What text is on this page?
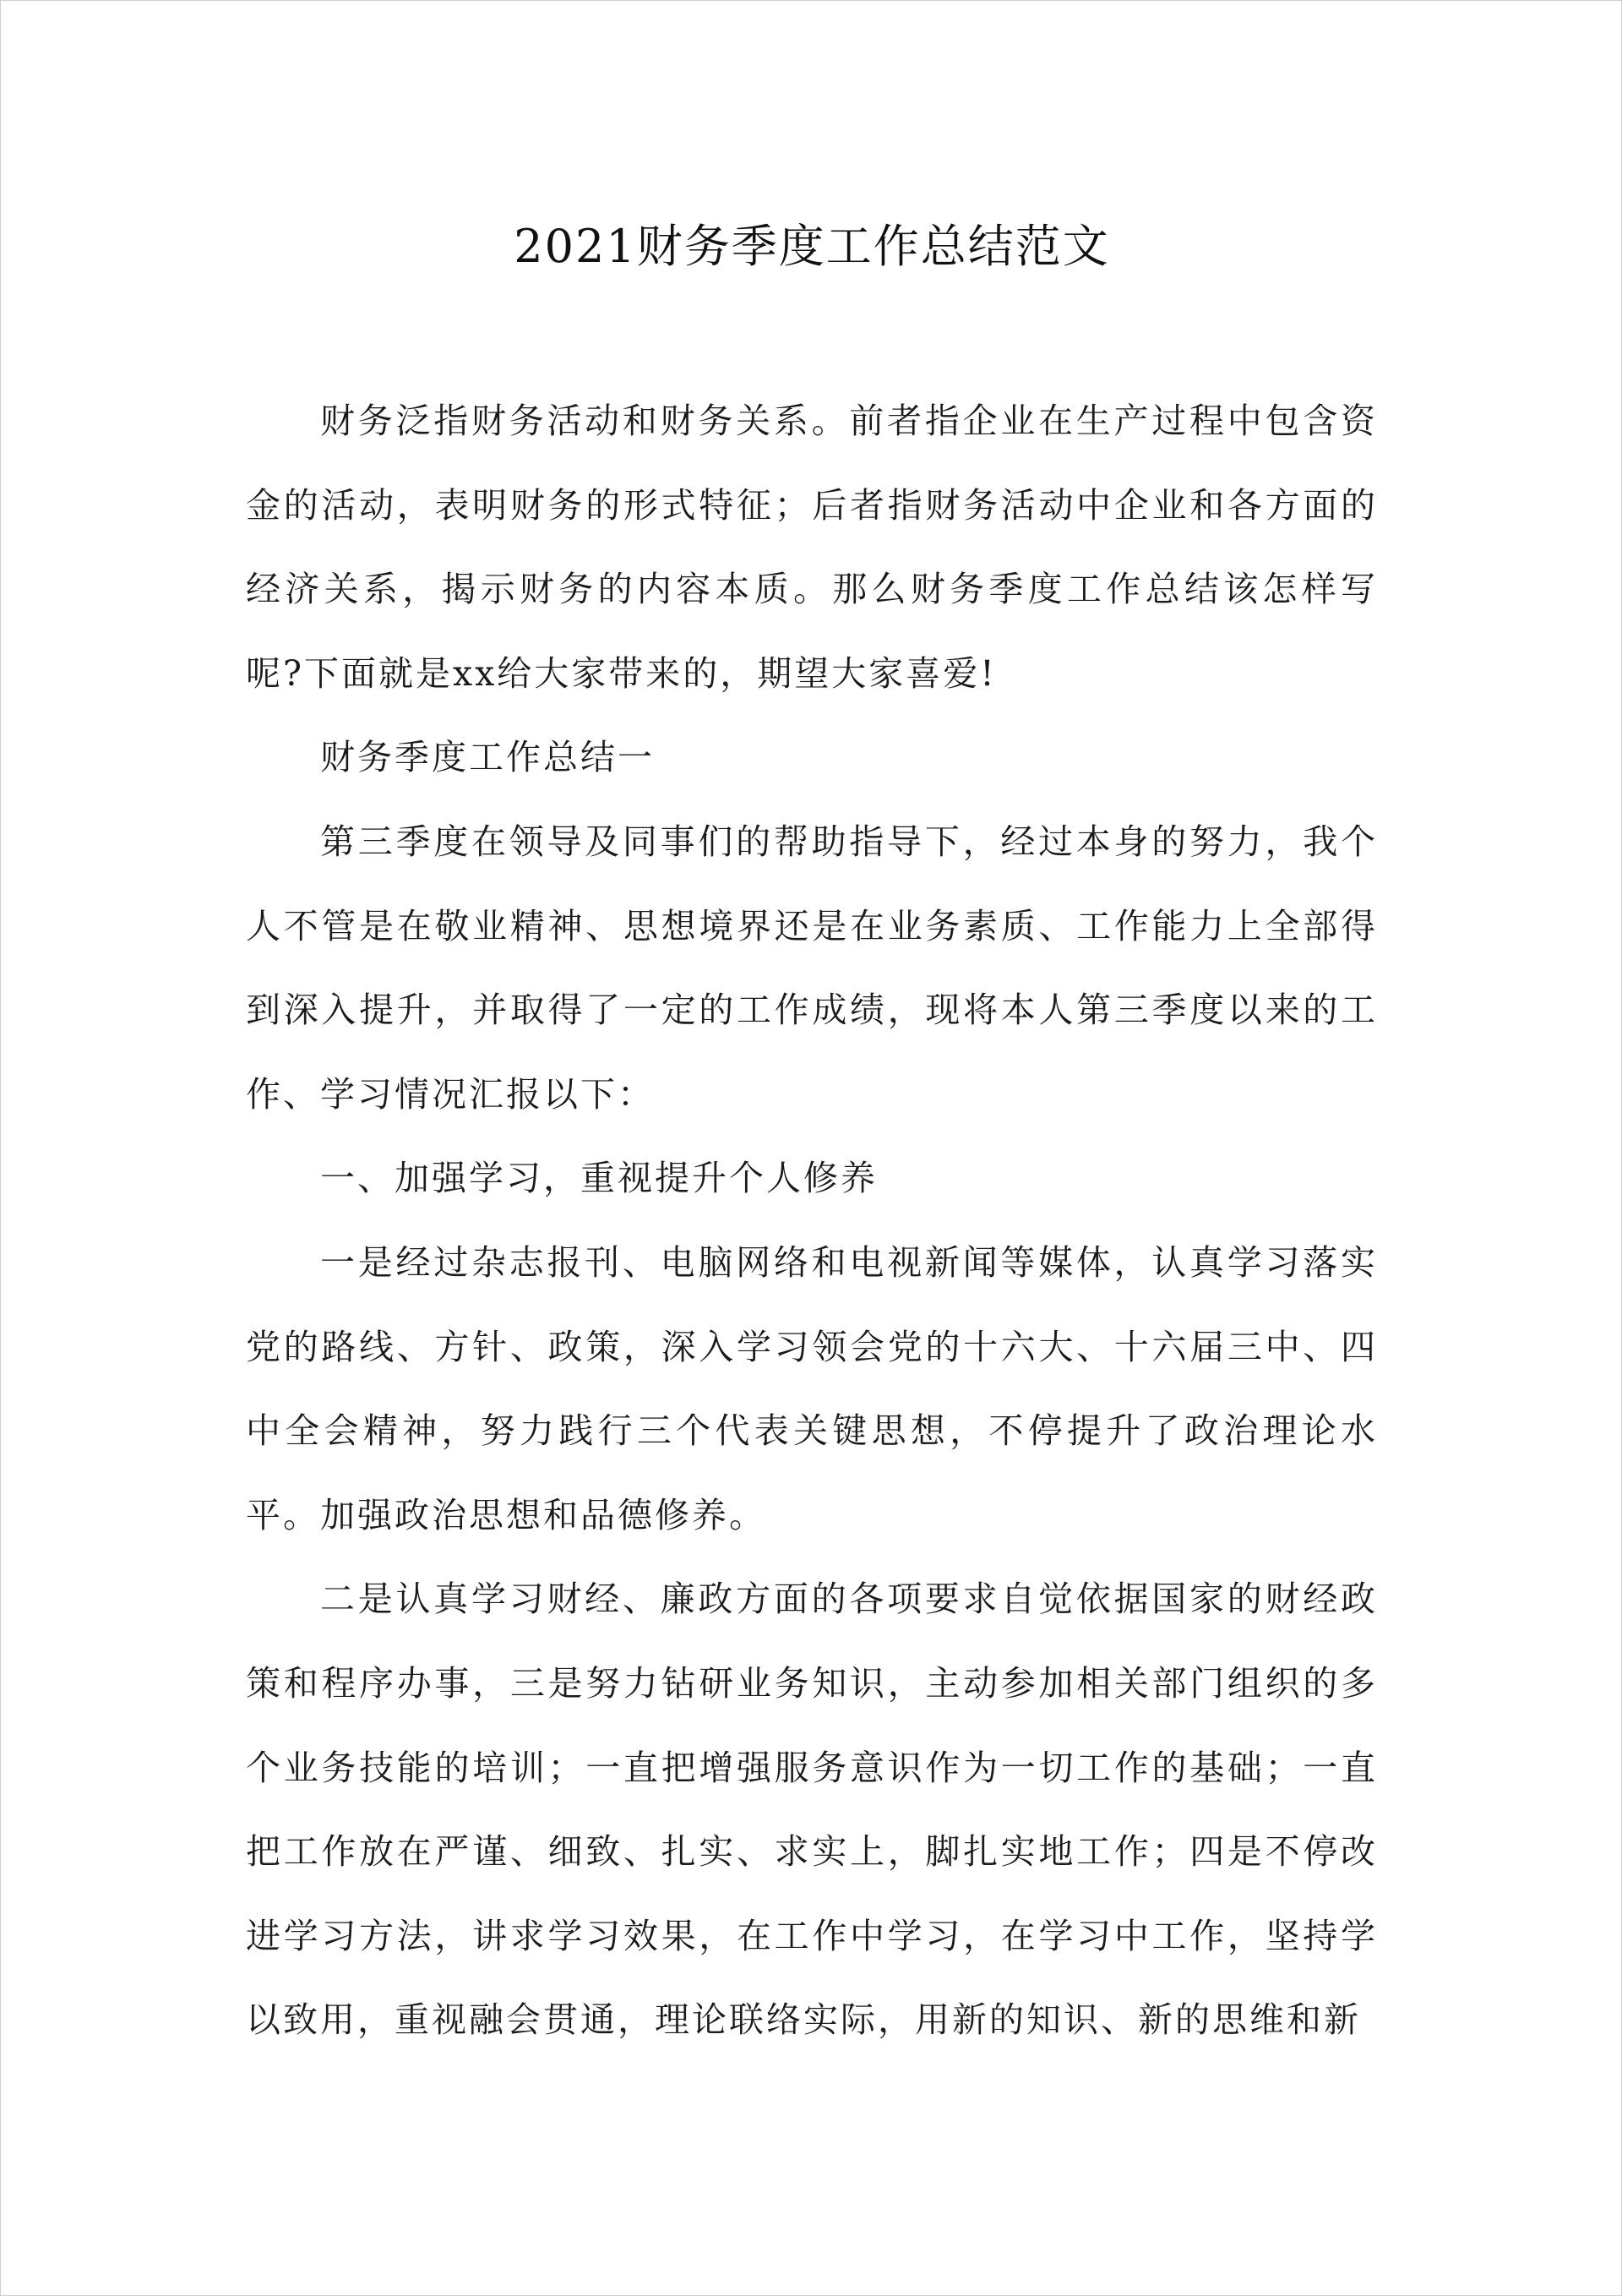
2021财务季度工作总结范文

财务泛指财务活动和财务关系。前者指企业在生产过程中包含资金的活动，表明财务的形式特征；后者指财务活动中企业和各方面的经济关系，揭示财务的内容本质。那么财务季度工作总结该怎样写呢?下面就是xx给大家带来的，期望大家喜爱!

财务季度工作总结一

第三季度在领导及同事们的帮助指导下，经过本身的努力，我个人不管是在敬业精神、思想境界还是在业务素质、工作能力上全部得到深入提升，并取得了一定的工作成绩，现将本人第三季度以来的工作、学习情况汇报以下：

一、加强学习，重视提升个人修养

一是经过杂志报刊、电脑网络和电视新闻等媒体，认真学习落实党的路线、方针、政策，深入学习领会党的十六大、十六届三中、四中全会精神，努力践行三个代表关键思想，不停提升了政治理论水平。加强政治思想和品德修养。

二是认真学习财经、廉政方面的各项要求自觉依据国家的财经政策和程序办事，三是努力钻研业务知识，主动参加相关部门组织的多个业务技能的培训；一直把增强服务意识作为一切工作的基础；一直把工作放在严谨、细致、扎实、求实上，脚扎实地工作；四是不停改进学习方法，讲求学习效果，在工作中学习，在学习中工作，坚持学以致用，重视融会贯通，理论联络实际，用新的知识、新的思维和新
